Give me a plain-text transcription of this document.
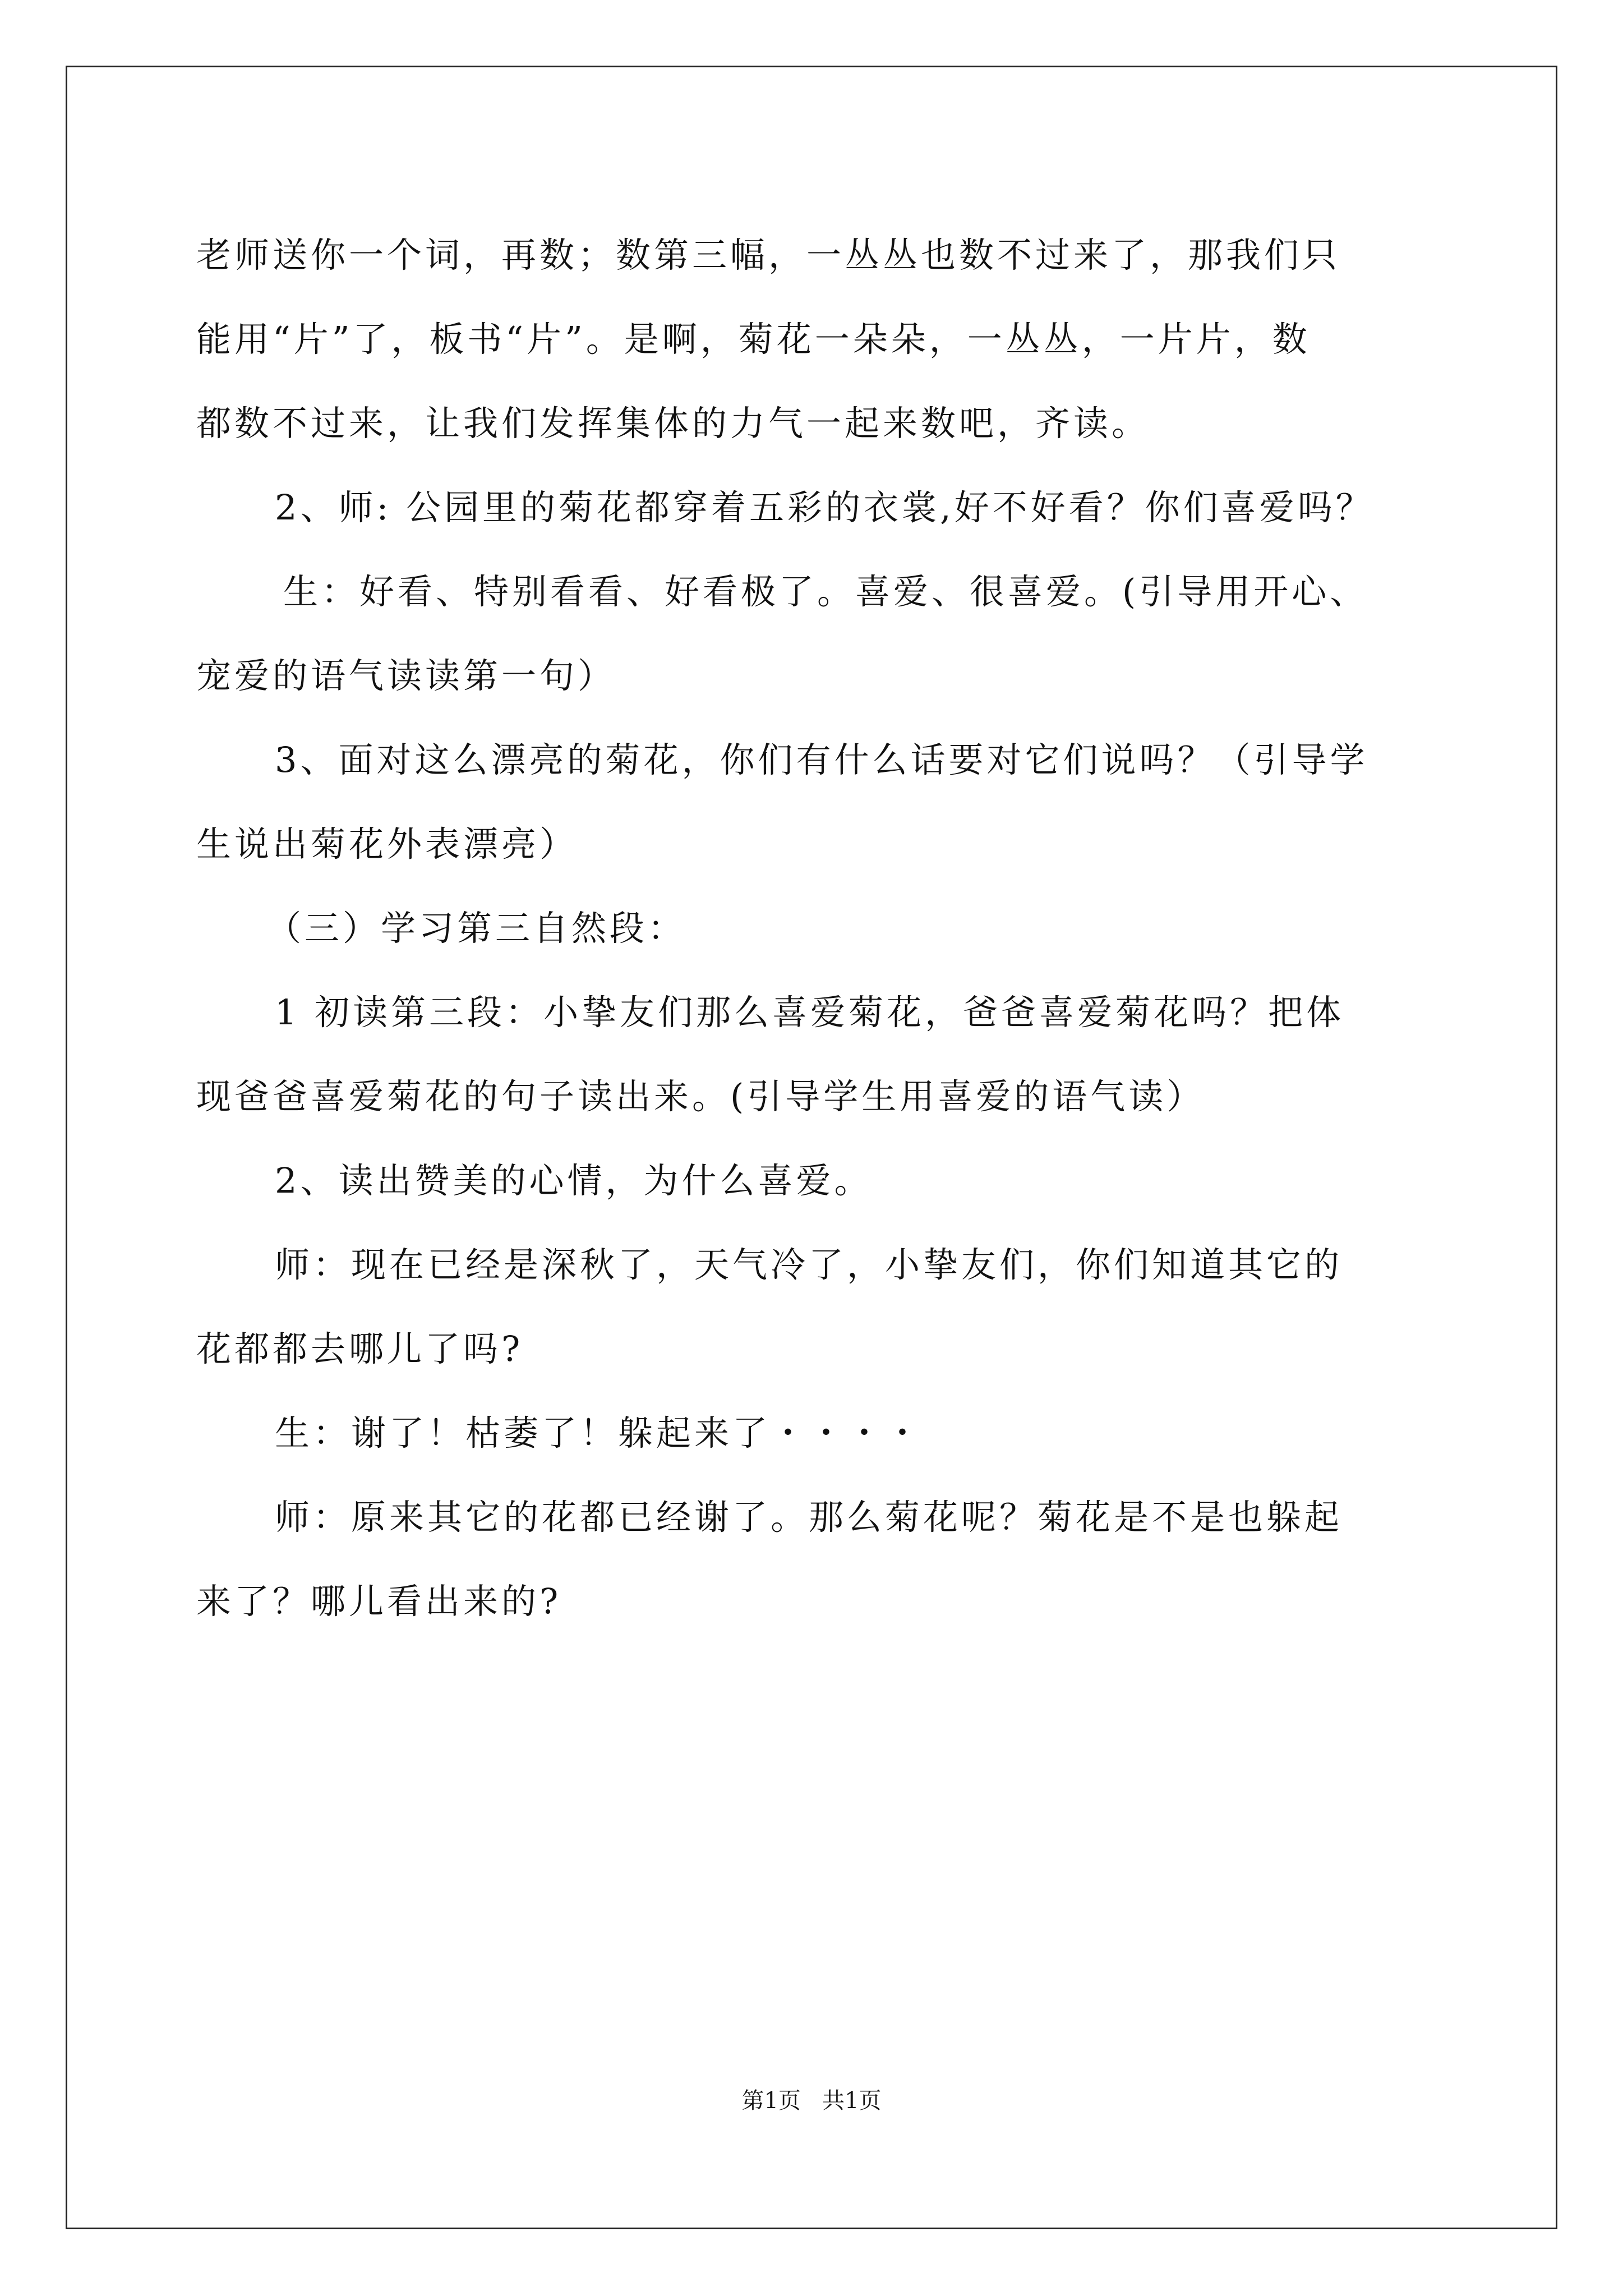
老师送你一个词，再数；数第三幅，一丛丛也数不过来了，那我们只
能用“片”了，板书“片”。是啊，菊花一朵朵，一丛丛，一片片，数
都数不过来，让我们发挥集体的力气一起来数吧，齐读。
2、师: 公园里的菊花都穿着五彩的衣裳,好不好看？你们喜爱吗？
生：好看、特别看看、好看极了。喜爱、很喜爱。(引导用开心、
宠爱的语气读读第一句）
3、面对这么漂亮的菊花，你们有什么话要对它们说吗？（引导学
生说出菊花外表漂亮）
（三）学习第三自然段：
1 初读第三段：小挚友们那么喜爱菊花，爸爸喜爱菊花吗？把体
现爸爸喜爱菊花的句子读出来。(引导学生用喜爱的语气读）
2、读出赞美的心情，为什么喜爱。
师：现在已经是深秋了，天气冷了，小挚友们，你们知道其它的
花都都去哪儿了吗?
生：谢了！枯萎了！躲起来了・・・・
师：原来其它的花都已经谢了。那么菊花呢？菊花是不是也躲起
来了？哪儿看出来的?
第1页   共1页
